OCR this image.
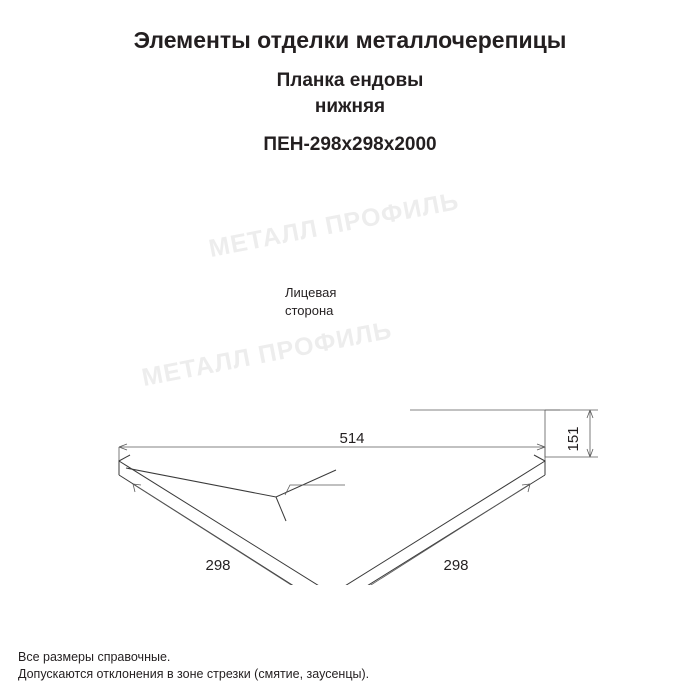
Элементы отделки металлочерепицы

Планка ендовы

нижняя

ПЕН-298x298x2000

МЕТАЛЛ ПРОФИЛЬ
МЕТАЛЛ ПРОФИЛЬ
514	151
298	298
Лицевая
сторона
Все размеры справочные.
Допускаются отклонения в зоне стрезки (смятие, заусенцы).
